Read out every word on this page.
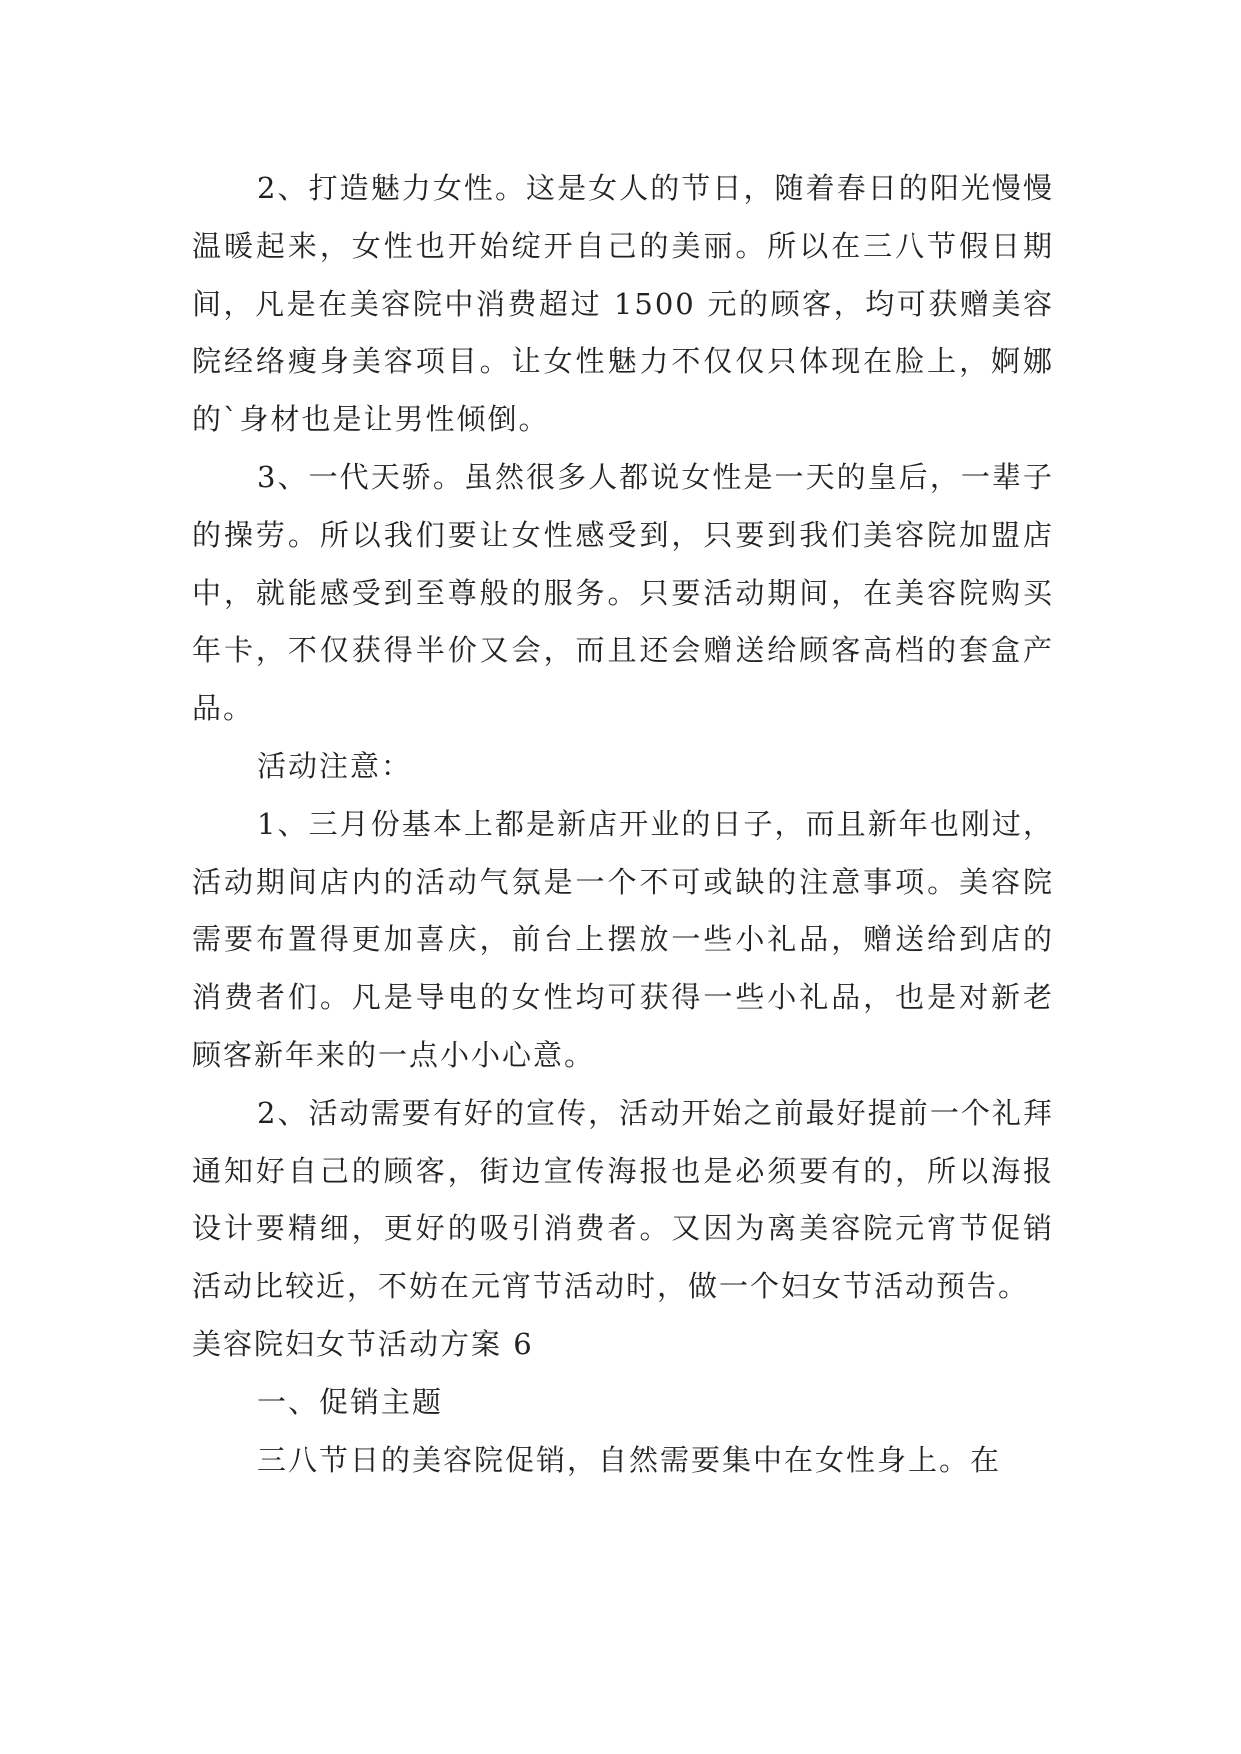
2、打造魅力女性。这是女人的节日，随着春日的阳光慢慢温暖起来，女性也开始绽开自己的美丽。所以在三八节假日期间，凡是在美容院中消费超过 1500 元的顾客，均可获赠美容院经络瘦身美容项目。让女性魅力不仅仅只体现在脸上，婀娜的`身材也是让男性倾倒。

3、一代天骄。虽然很多人都说女性是一天的皇后，一辈子的操劳。所以我们要让女性感受到，只要到我们美容院加盟店中，就能感受到至尊般的服务。只要活动期间，在美容院购买年卡，不仅获得半价又会，而且还会赠送给顾客高档的套盒产品。

活动注意：

1、三月份基本上都是新店开业的日子，而且新年也刚过，活动期间店内的活动气氛是一个不可或缺的注意事项。美容院需要布置得更加喜庆，前台上摆放一些小礼品，赠送给到店的消费者们。凡是导电的女性均可获得一些小礼品，也是对新老顾客新年来的一点小小心意。

2、活动需要有好的宣传，活动开始之前最好提前一个礼拜通知好自己的顾客，街边宣传海报也是必须要有的，所以海报设计要精细，更好的吸引消费者。又因为离美容院元宵节促销活动比较近，不妨在元宵节活动时，做一个妇女节活动预告。

美容院妇女节活动方案 6

一、促销主题

三八节日的美容院促销，自然需要集中在女性身上。在
